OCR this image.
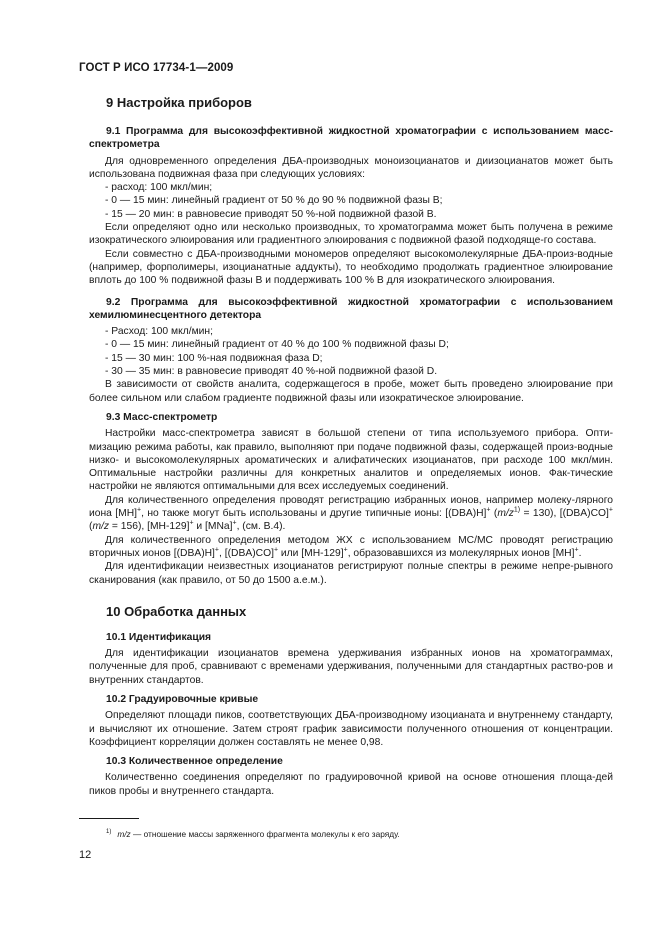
ГОСТ Р ИСО 17734-1—2009
9 Настройка приборов
9.1 Программа для высокоэффективной жидкостной хроматографии с использованием масс-спектрометра

Для одновременного определения ДБА-производных моноизоцианатов и диизоцианатов может быть использована подвижная фаза при следующих условиях:

- расход: 100 мкл/мин;

- 0 — 15 мин: линейный градиент от 50 % до 90 % подвижной фазы В;

- 15 — 20 мин: в равновесие приводят 50 %-ной подвижной фазой В.

Если определяют одно или несколько производных, то хроматограмма может быть получена в режиме изократического элюирования или градиентного элюирования с подвижной фазой подходяще-го состава.

Если совместно с ДБА-производными мономеров определяют высокомолекулярные ДБА-произ-водные (например, форполимеры, изоцианатные аддукты), то необходимо продолжать градиентное элюирование вплоть до 100 % подвижной фазы В и поддерживать 100 % В для изократического элюирования.

9.2 Программа для высокоэффективной жидкостной хроматографии с использованием хемилюминесцентного детектора

- Расход: 100 мкл/мин;

- 0 — 15 мин: линейный градиент от 40 % до 100 % подвижной фазы D;

- 15 — 30 мин: 100 %-ная подвижная фаза D;

- 30 — 35 мин: в равновесие приводят 40 %-ной подвижной фазой D.

В зависимости от свойств аналита, содержащегося в пробе, может быть проведено элюирование при более сильном или слабом градиенте подвижной фазы или изократическое элюирование.

9.3 Масс-спектрометр

Настройки масс-спектрометра зависят в большой степени от типа используемого прибора. Опти-мизацию режима работы, как правило, выполняют при подаче подвижной фазы, содержащей произ-водные низко- и высокомолекулярных ароматических и алифатических изоцианатов, при расходе 100 мкл/мин. Оптимальные настройки различны для конкретных аналитов и определяемых ионов. Фак-тические настройки не являются оптимальными для всех исследуемых соединений.

Для количественного определения проводят регистрацию избранных ионов, например молеку-лярного иона [МН]+, но также могут быть использованы и другие типичные ионы: [(DBA)H]+ $(m/z^{1)} = 130)$, [(DBA)CO]+ (m/z = 156), [MH-129]+ и [MNa]+, (см. В.4).

Для количественного определения методом ЖХ с использованием МС/МС проводят регистрацию вторичных ионов [(DBA)H]+, [(DBA)CO]+ или [MH-129]+, образовавшихся из молекулярных ионов [MH]+.

Для идентификации неизвестных изоцианатов регистрируют полные спектры в режиме непре-рывного сканирования (как правило, от 50 до 1500 а.е.м.).

10 Обработка данных
10.1 Идентификация

Для идентификации изоцианатов времена удерживания избранных ионов на хроматограммах, полученные для проб, сравнивают с временами удерживания, полученными для стандартных раство-ров и внутренних стандартов.

10.2 Градуировочные кривые

Определяют площади пиков, соответствующих ДБА-производному изоцианата и внутреннему стандарту, и вычисляют их отношение. Затем строят график зависимости полученного отношения от концентрации. Коэффициент корреляции должен составлять не менее 0,98.

10.3 Количественное определение

Количественно соединения определяют по градуировочной кривой на основе отношения площа-дей пиков пробы и внутреннего стандарта.

$^{1)}$ m/z — отношение массы заряженного фрагмента молекулы к его заряду.
12
